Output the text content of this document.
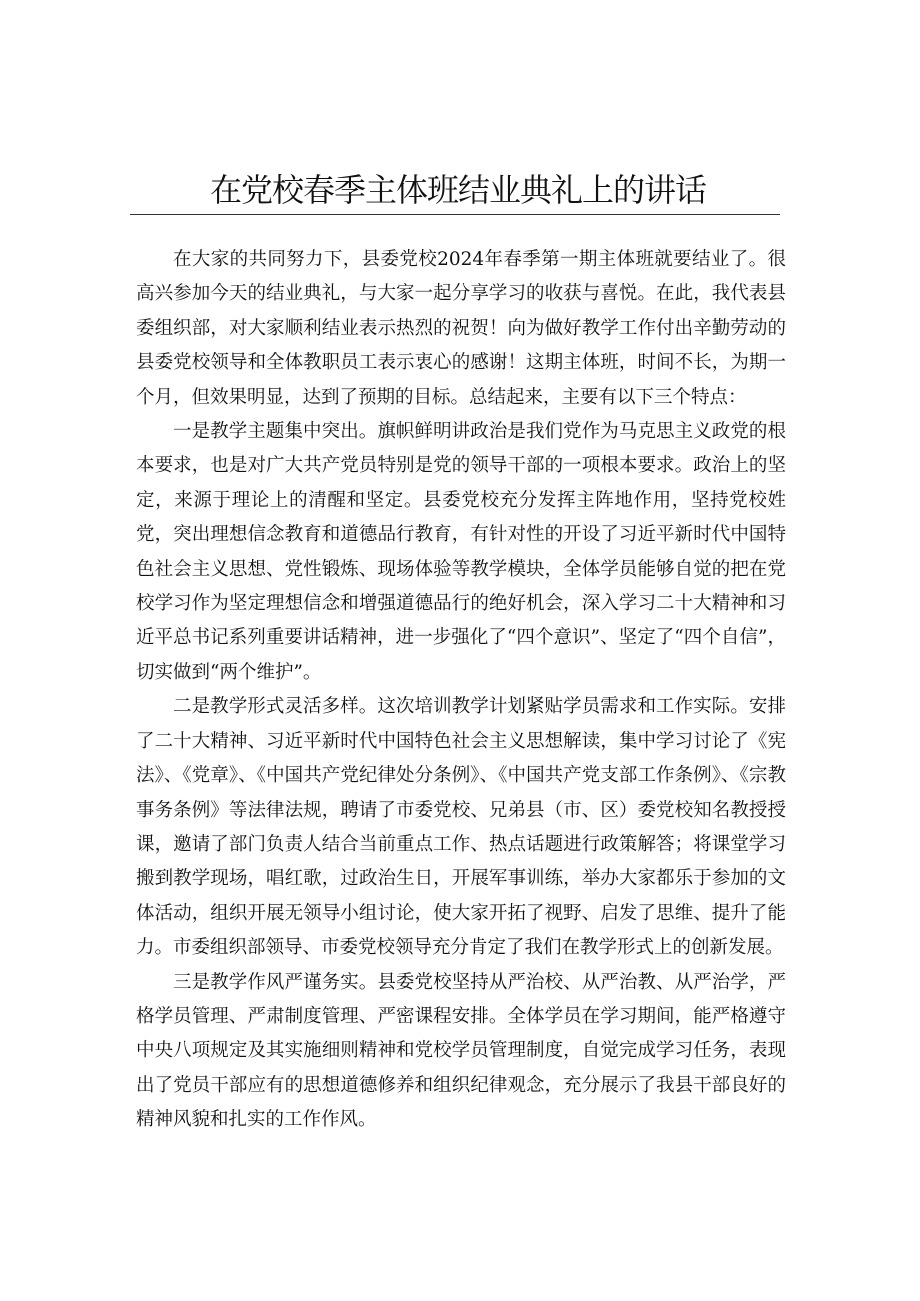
在党校春季主体班结业典礼上的讲话

在大家的共同努力下，县委党校2024年春季第一期主体班就要结业了。很高兴参加今天的结业典礼，与大家一起分享学习的收获与喜悦。在此，我代表县委组织部，对大家顺利结业表示热烈的祝贺！向为做好教学工作付出辛勤劳动的县委党校领导和全体教职员工表示衷心的感谢！这期主体班，时间不长，为期一个月，但效果明显，达到了预期的目标。总结起来，主要有以下三个特点：

一是教学主题集中突出。旗帜鲜明讲政治是我们党作为马克思主义政党的根本要求，也是对广大共产党员特别是党的领导干部的一项根本要求。政治上的坚定，来源于理论上的清醒和坚定。县委党校充分发挥主阵地作用，坚持党校姓党，突出理想信念教育和道德品行教育，有针对性的开设了习近平新时代中国特色社会主义思想、党性锻炼、现场体验等教学模块，全体学员能够自觉的把在党校学习作为坚定理想信念和增强道德品行的绝好机会，深入学习二十大精神和习近平总书记系列重要讲话精神，进一步强化了“四个意识”、坚定了“四个自信”，切实做到“两个维护”。

二是教学形式灵活多样。这次培训教学计划紧贴学员需求和工作实际。安排了二十大精神、习近平新时代中国特色社会主义思想解读，集中学习讨论了《宪法》、《党章》、《中国共产党纪律处分条例》、《中国共产党支部工作条例》、《宗教事务条例》等法律法规，聘请了市委党校、兄弟县（市、区）委党校知名教授授课，邀请了部门负责人结合当前重点工作、热点话题进行政策解答；将课堂学习搬到教学现场，唱红歌，过政治生日，开展军事训练，举办大家都乐于参加的文体活动，组织开展无领导小组讨论，使大家开拓了视野、启发了思维、提升了能力。市委组织部领导、市委党校领导充分肯定了我们在教学形式上的创新发展。

三是教学作风严谨务实。县委党校坚持从严治校、从严治教、从严治学，严格学员管理、严肃制度管理、严密课程安排。全体学员在学习期间，能严格遵守中央八项规定及其实施细则精神和党校学员管理制度，自觉完成学习任务，表现出了党员干部应有的思想道德修养和组织纪律观念，充分展示了我县干部良好的精神风貌和扎实的工作作风。
